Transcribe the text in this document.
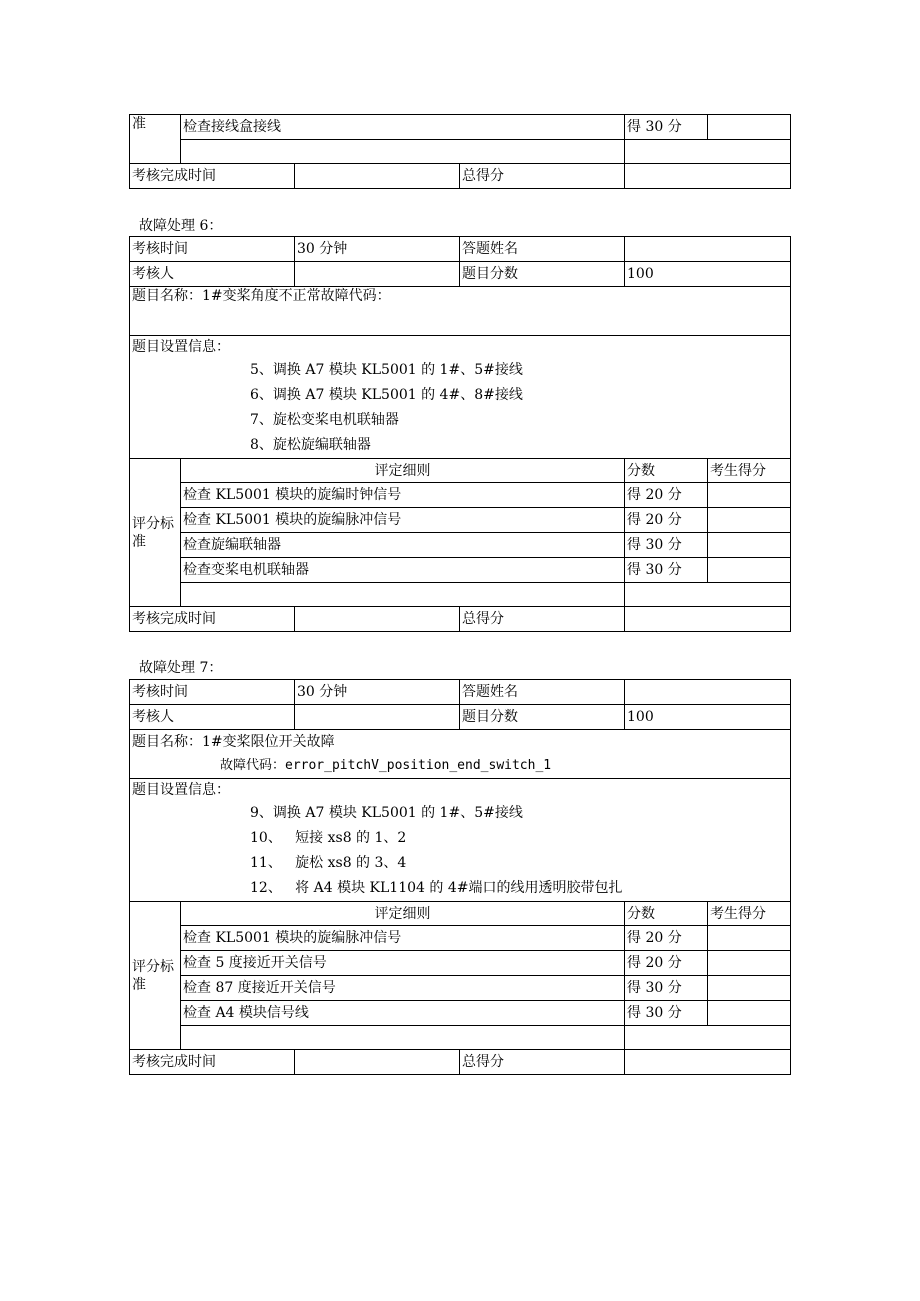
准	检查接线盒接线			得 30 分	

考核完成时间			总得分		
故障处理 6：
考核时间		30 分钟	答题姓名		
考核人			题目分数	100	
题目名称：1#变桨角度不正常故障代码：					

题目设置信息：
5、调换 A7 模块 KL5001 的 1#、5#接线
6、调换 A7 模块 KL5001 的 4#、8#接线
7、旋松变桨电机联轴器
8、旋松旋编联轴器					

评分标准	评定细则			分数	考生得分
	检查 KL5001 模块的旋编时钟信号			得 20 分	
	检查 KL5001 模块的旋编脉冲信号			得 20 分	
	检查旋编联轴器			得 30 分	
	检查变桨电机联轴器			得 30 分	

考核完成时间			总得分		
故障处理 7：
考核时间		30 分钟	答题姓名		
考核人			题目分数	100	

题目名称：1#变桨限位开关故障
故障代码：error_pitchV_position_end_switch_1					

题目设置信息：
9、调换 A7 模块 KL5001 的 1#、5#接线
10、   短接 xs8 的 1、2
11、   旋松 xs8 的 3、4
12、   将 A4 模块 KL1104 的 4#端口的线用透明胶带包扎					

评分标准	评定细则			分数	考生得分
	检查 KL5001 模块的旋编脉冲信号			得 20 分	
	检查 5 度接近开关信号			得 20 分	
	检查 87 度接近开关信号			得 30 分	
	检查 A4 模块信号线			得 30 分	

考核完成时间			总得分		
